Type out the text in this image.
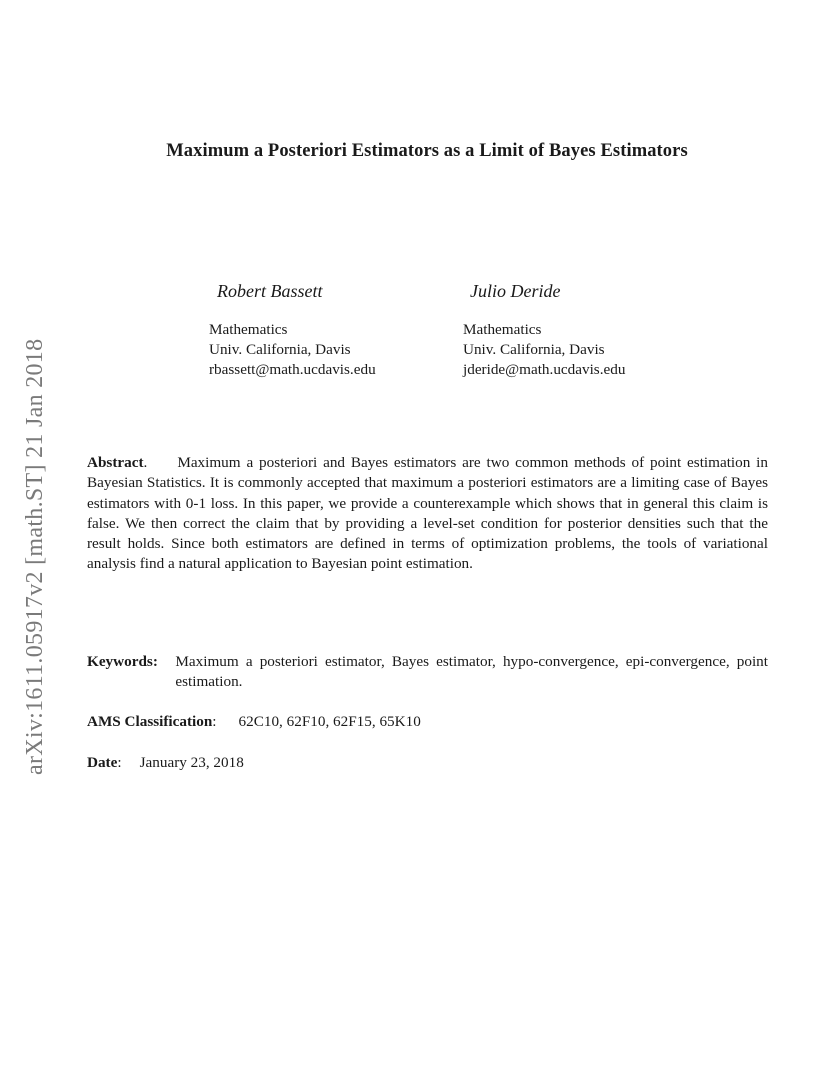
arXiv:1611.05917v2 [math.ST] 21 Jan 2018
Maximum a Posteriori Estimators as a Limit of Bayes Estimators
Robert Bassett
Mathematics
Univ. California, Davis
rbassett@math.ucdavis.edu
Julio Deride
Mathematics
Univ. California, Davis
jderide@math.ucdavis.edu
Abstract. Maximum a posteriori and Bayes estimators are two common methods of point estimation in Bayesian Statistics. It is commonly accepted that maximum a posteriori estimators are a limiting case of Bayes estimators with 0-1 loss. In this paper, we provide a counterexample which shows that in general this claim is false. We then correct the claim that by providing a level-set condition for posterior densities such that the result holds. Since both estimators are defined in terms of optimization problems, the tools of variational analysis find a natural application to Bayesian point estimation.
Keywords:	Maximum a posteriori estimator, Bayes estimator, hypo-convergence, epi-convergence, point estimation.
AMS Classification: 62C10, 62F10, 62F15, 65K10
Date: January 23, 2018
